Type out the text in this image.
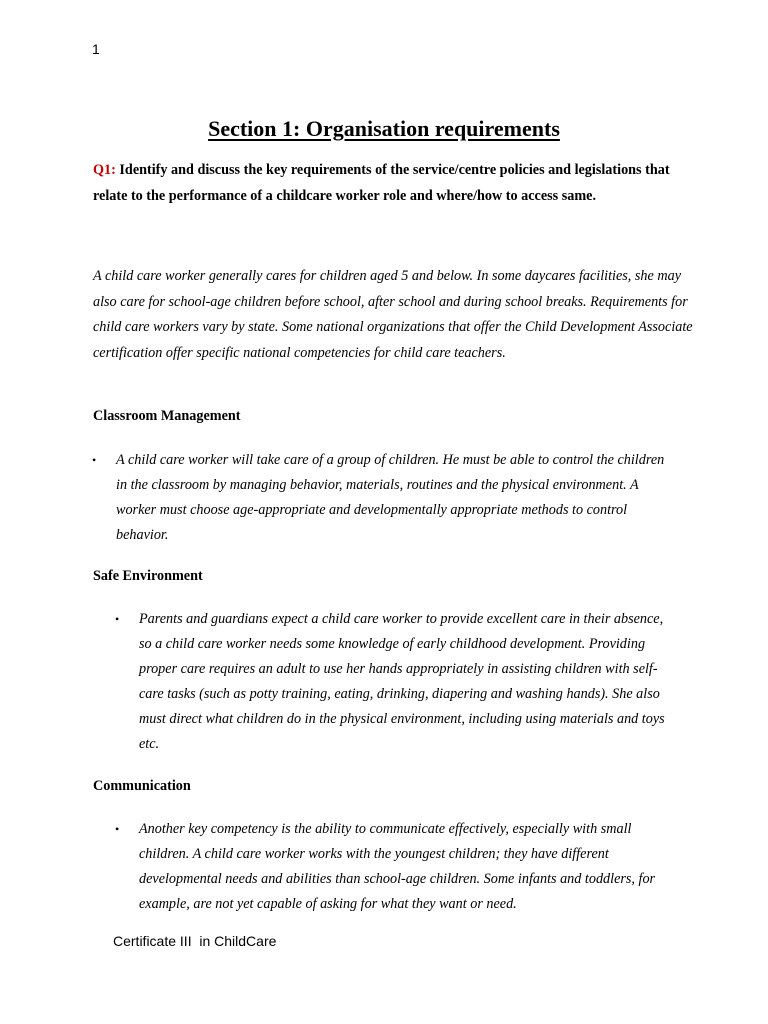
1
Section 1: Organisation requirements

Q1: Identify and discuss the key requirements of the service/centre policies and legislations that relate to the performance of a childcare worker role and where/how to access same.

A child care worker generally cares for children aged 5 and below. In some daycares facilities, she may also care for school-age children before school, after school and during school breaks. Requirements for child care workers vary by state. Some national organizations that offer the Child Development Associate certification offer specific national competencies for child care teachers.

Classroom Management
• A child care worker will take care of a group of children. He must be able to control the children in the classroom by managing behavior, materials, routines and the physical environment. A worker must choose age-appropriate and developmentally appropriate methods to control behavior.
Safe Environment
• Parents and guardians expect a child care worker to provide excellent care in their absence, so a child care worker needs some knowledge of early childhood development. Providing proper care requires an adult to use her hands appropriately in assisting children with self-care tasks (such as potty training, eating, drinking, diapering and washing hands). She also must direct what children do in the physical environment, including using materials and toys etc.
Communication
• Another key competency is the ability to communicate effectively, especially with small children. A child care worker works with the youngest children; they have different developmental needs and abilities than school-age children. Some infants and toddlers, for example, are not yet capable of asking for what they want or need.
Certificate III  in ChildCare
